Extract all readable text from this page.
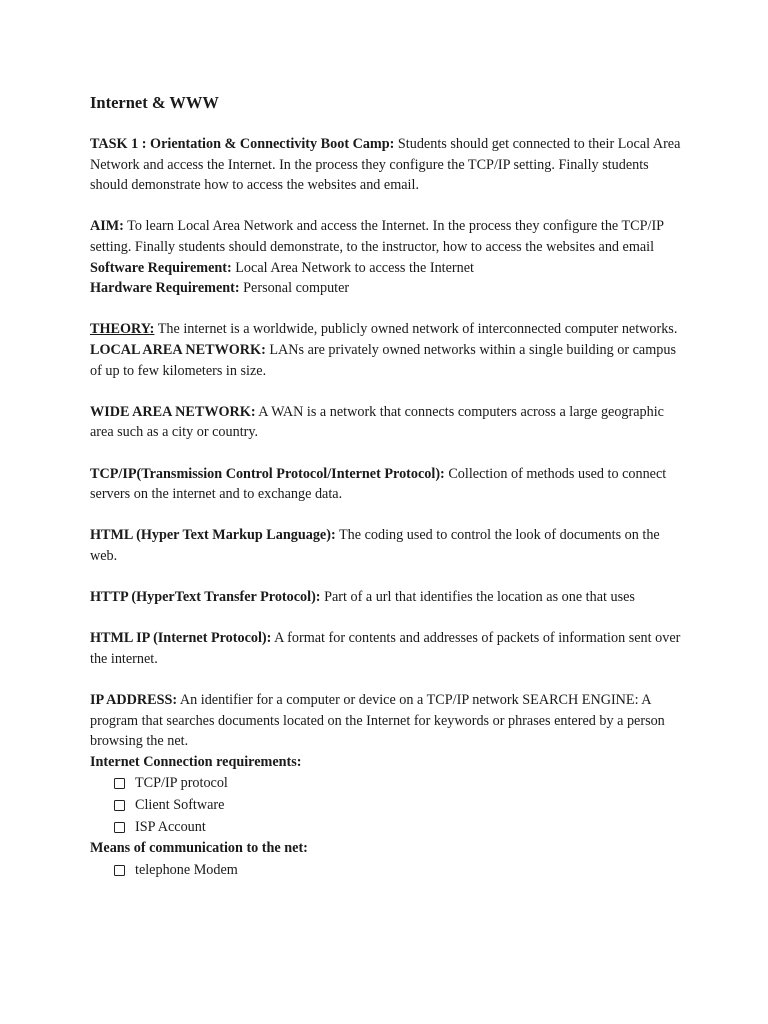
Internet & WWW

TASK 1 : Orientation & Connectivity Boot Camp: Students should get connected to their Local Area Network and access the Internet. In the process they configure the TCP/IP setting. Finally students should demonstrate how to access the websites and email.

AIM: To learn Local Area Network and access the Internet. In the process they configure the TCP/IP setting. Finally students should demonstrate, to the instructor, how to access the websites and email

Software Requirement: Local Area Network to access the Internet

Hardware Requirement: Personal computer

THEORY: The internet is a worldwide, publicly owned network of interconnected computer networks.

LOCAL AREA NETWORK: LANs are privately owned networks within a single building or campus of up to few kilometers in size.

WIDE AREA NETWORK: A WAN is a network that connects computers across a large geographic area such as a city or country.

TCP/IP(Transmission Control Protocol/Internet Protocol): Collection of methods used to connect servers on the internet and to exchange data.

HTML (Hyper Text Markup Language): The coding used to control the look of documents on the web.

HTTP (HyperText Transfer Protocol): Part of a url that identifies the location as one that uses

HTML IP (Internet Protocol): A format for contents and addresses of packets of information sent over the internet.

IP ADDRESS: An identifier for a computer or device on a TCP/IP network SEARCH ENGINE: A program that searches documents located on the Internet for keywords or phrases entered by a person browsing the net.

Internet Connection requirements:

TCP/IP protocol
Client Software
ISP Account

Means of communication to the net:

telephone Modem
